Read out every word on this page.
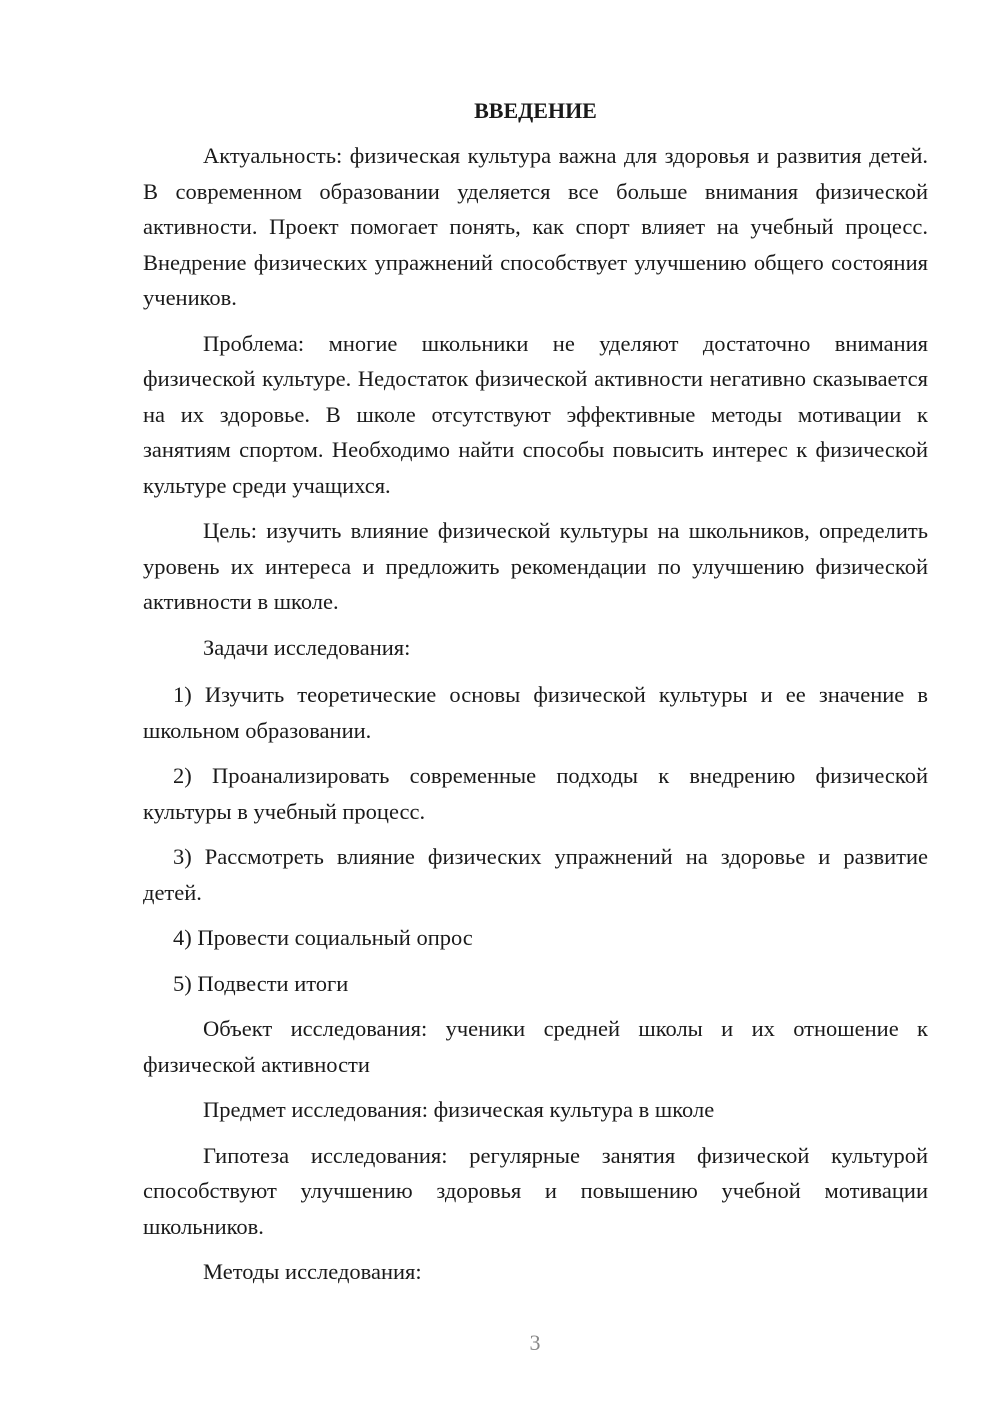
ВВЕДЕНИЕ

Актуальность: физическая культура важна для здоровья и развития детей. В современном образовании уделяется все больше внимания физической активности. Проект помогает понять, как спорт влияет на учебный процесс. Внедрение физических упражнений способствует улучшению общего состояния учеников.

Проблема: многие школьники не уделяют достаточно внимания физической культуре. Недостаток физической активности негативно сказывается на их здоровье. В школе отсутствуют эффективные методы мотивации к занятиям спортом. Необходимо найти способы повысить интерес к физической культуре среди учащихся.

Цель: изучить влияние физической культуры на школьников, определить уровень их интереса и предложить рекомендации по улучшению физической активности в школе.

Задачи исследования:

1) Изучить теоретические основы физической культуры и ее значение в школьном образовании.

2) Проанализировать современные подходы к внедрению физической культуры в учебный процесс.

3) Рассмотреть влияние физических упражнений на здоровье и развитие детей.

4) Провести социальный опрос

5) Подвести итоги

Объект исследования: ученики средней школы и их отношение к физической активности

Предмет исследования: физическая культура в школе

Гипотеза исследования: регулярные занятия физической культурой способствуют улучшению здоровья и повышению учебной мотивации школьников.

Методы исследования:

3
